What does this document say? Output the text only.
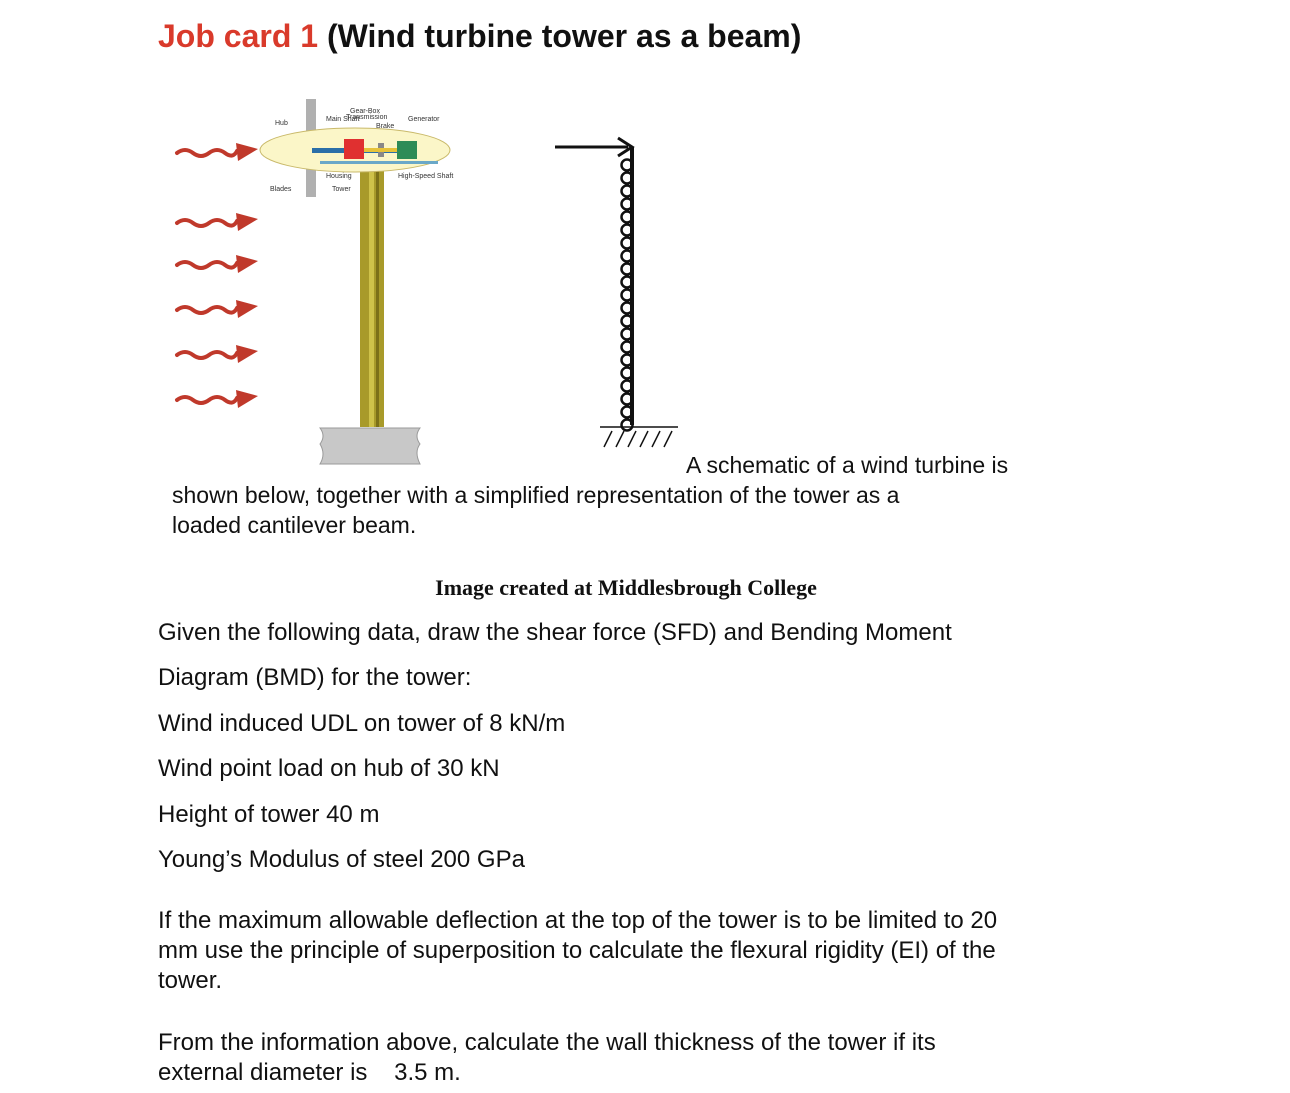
Job card 1 (Wind turbine tower as a beam)
Hub
Main Shaft
Gear-Box
Transmission
Brake
Generator
Housing	High-Speed Shaft
Blades	Tower
A schematic of a wind turbine is
shown below, together with a simplified representation of the tower as a
loaded cantilever beam.
Image created at Middlesbrough College
Given the following data, draw the shear force (SFD) and Bending Moment
Diagram (BMD) for the tower:
Wind induced UDL on tower of 8 kN/m
Wind point load on hub of 30 kN
Height of tower 40 m
Young’s Modulus of steel 200 GPa
If the maximum allowable deflection at the top of the tower is to be limited to 20
mm use the principle of superposition to calculate the flexural rigidity (EI) of the
tower.
From the information above, calculate the wall thickness of the tower if its
external diameter is    3.5 m.
